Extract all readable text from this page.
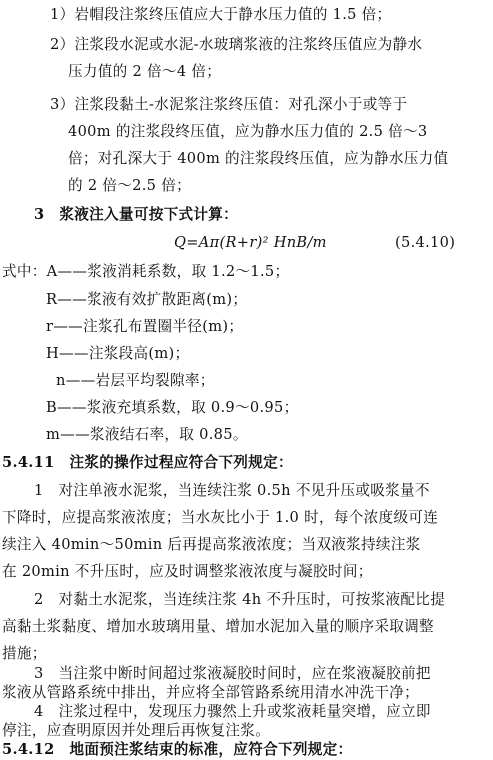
1）岩帽段注浆终压值应大于静水压力值的 1.5 倍；
2）注浆段水泥或水泥-水玻璃浆液的注浆终压值应为静水
压力值的 2 倍～4 倍；
3）注浆段黏土-水泥浆注浆终压值：对孔深小于或等于
400m 的注浆段终压值，应为静水压力值的 2.5 倍～3
倍；对孔深大于 400m 的注浆段终压值，应为静水压力值
的 2 倍～2.5 倍；
3　浆液注入量可按下式计算：
Q=Aπ(R+r)² HnB/m	(5.4.10)
式中：A——浆液消耗系数，取 1.2～1.5；
R——浆液有效扩散距离(m)；
r——注浆孔布置圈半径(m)；
H——注浆段高(m)；
n——岩层平均裂隙率；
B——浆液充填系数，取 0.9～0.95；
m——浆液结石率，取 0.85。
5.4.11　注浆的操作过程应符合下列规定：
1　对注单液水泥浆，当连续注浆 0.5h 不见升压或吸浆量不
下降时，应提高浆液浓度；当水灰比小于 1.0 时，每个浓度级可连
续注入 40min～50min 后再提高浆液浓度；当双液浆持续注浆
在 20min 不升压时，应及时调整浆液浓度与凝胶时间；
2　对黏土水泥浆，当连续注浆 4h 不升压时，可按浆液配比提
高黏土浆黏度、增加水玻璃用量、增加水泥加入量的顺序采取调整
措施；
3　当注浆中断时间超过浆液凝胶时间时，应在浆液凝胶前把
浆液从管路系统中排出，并应将全部管路系统用清水冲洗干净；
4　注浆过程中，发现压力骤然上升或浆液耗量突增，应立即
停注，应查明原因并处理后再恢复注浆。
5.4.12　地面预注浆结束的标准，应符合下列规定：
